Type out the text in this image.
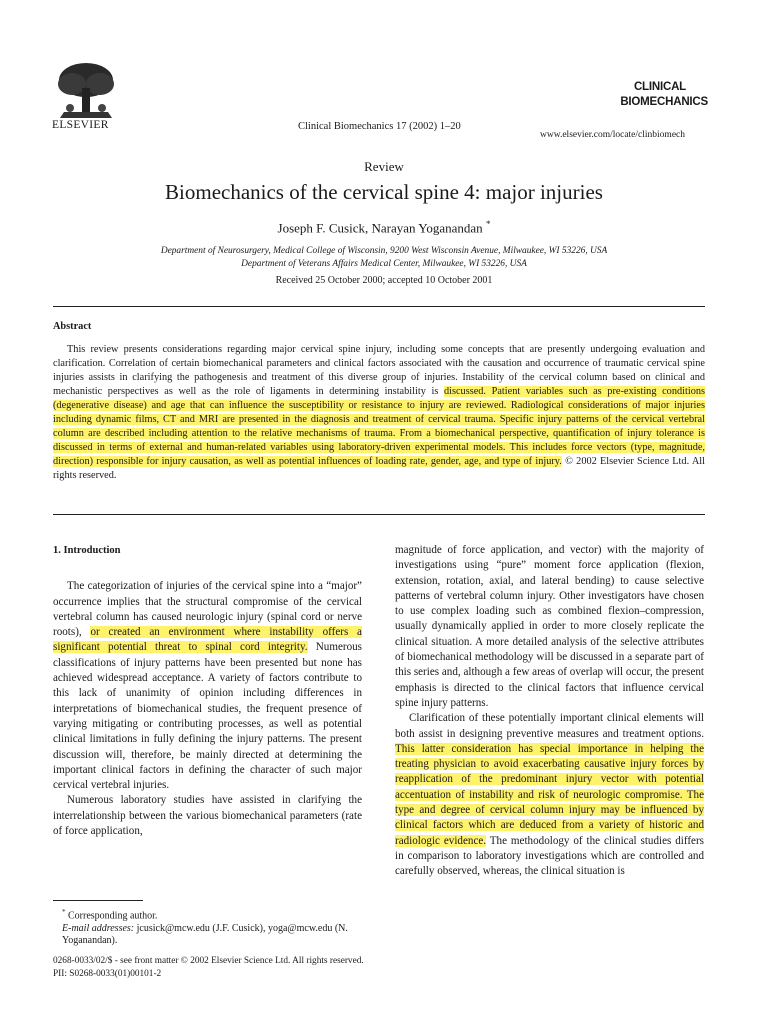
ELSEVIER	Clinical Biomechanics 17 (2002) 1–20
CLINICAL
BIOMECHANICS
www.elsevier.com/locate/clinbiomech
Review
Biomechanics of the cervical spine 4: major injuries
Joseph F. Cusick, Narayan Yoganandan *
Department of Neurosurgery, Medical College of Wisconsin, 9200 West Wisconsin Avenue, Milwaukee, WI 53226, USA
Department of Veterans Affairs Medical Center, Milwaukee, WI 53226, USA
Received 25 October 2000; accepted 10 October 2001
Abstract

This review presents considerations regarding major cervical spine injury, including some concepts that are presently undergoing evaluation and clarification. Correlation of certain biomechanical parameters and clinical factors associated with the causation and occurrence of traumatic cervical spine injuries assists in clarifying the pathogenesis and treatment of this diverse group of injuries. Instability of the cervical column based on clinical and mechanistic perspectives as well as the role of ligaments in determining instability is discussed. Patient variables such as pre-existing conditions (degenerative disease) and age that can influence the susceptibility or resistance to injury are reviewed. Radiological considerations of major injuries including dynamic films, CT and MRI are presented in the diagnosis and treatment of cervical trauma. Specific injury patterns of the cervical vertebral column are described including attention to the relative mechanisms of trauma. From a biomechanical perspective, quantification of injury tolerance is discussed in terms of external and human-related variables using laboratory-driven experimental models. This includes force vectors (type, magnitude, direction) responsible for injury causation, as well as potential influences of loading rate, gender, age, and type of injury. © 2002 Elsevier Science Ltd. All rights reserved.

1. Introduction

The categorization of injuries of the cervical spine into a “major” occurrence implies that the structural compromise of the cervical vertebral column has caused neurologic injury (spinal cord or nerve roots), or created an environment where instability offers a significant potential threat to spinal cord integrity. Numerous classifications of injury patterns have been presented but none has achieved widespread acceptance. A variety of factors contribute to this lack of unanimity of opinion including differences in interpretations of biomechanical studies, the frequent presence of varying mitigating or contributing processes, as well as potential clinical limitations in fully defining the injury patterns. The present discussion will, therefore, be mainly directed at determining the important clinical factors in defining the character of such major cervical vertebral injuries.

Numerous laboratory studies have assisted in clarifying the interrelationship between the various biomechanical parameters (rate of force application,

magnitude of force application, and vector) with the majority of investigations using “pure” moment force application (flexion, extension, rotation, axial, and lateral bending) to cause selective patterns of vertebral column injury. Other investigators have chosen to use complex loading such as combined flexion–compression, usually dynamically applied in order to more closely replicate the clinical situation. A more detailed analysis of the selective attributes of biomechanical methodology will be discussed in a separate part of this series and, although a few areas of overlap will occur, the present emphasis is directed to the clinical factors that influence cervical spine injury patterns.

Clarification of these potentially important clinical elements will both assist in designing preventive measures and treatment options. This latter consideration has special importance in helping the treating physician to avoid exacerbating causative injury forces by reapplication of the predominant injury vector with potential accentuation of instability and risk of neurologic compromise. The type and degree of cervical column injury may be influenced by clinical factors which are deduced from a variety of historic and radiologic evidence. The methodology of the clinical studies differs in comparison to laboratory investigations which are controlled and carefully observed, whereas, the clinical situation is

* Corresponding author.
E-mail addresses: jcusick@mcw.edu (J.F. Cusick), yoga@mcw.edu (N. Yoganandan).
0268-0033/02/$ - see front matter © 2002 Elsevier Science Ltd. All rights reserved.
PII: S0268-0033(01)00101-2
